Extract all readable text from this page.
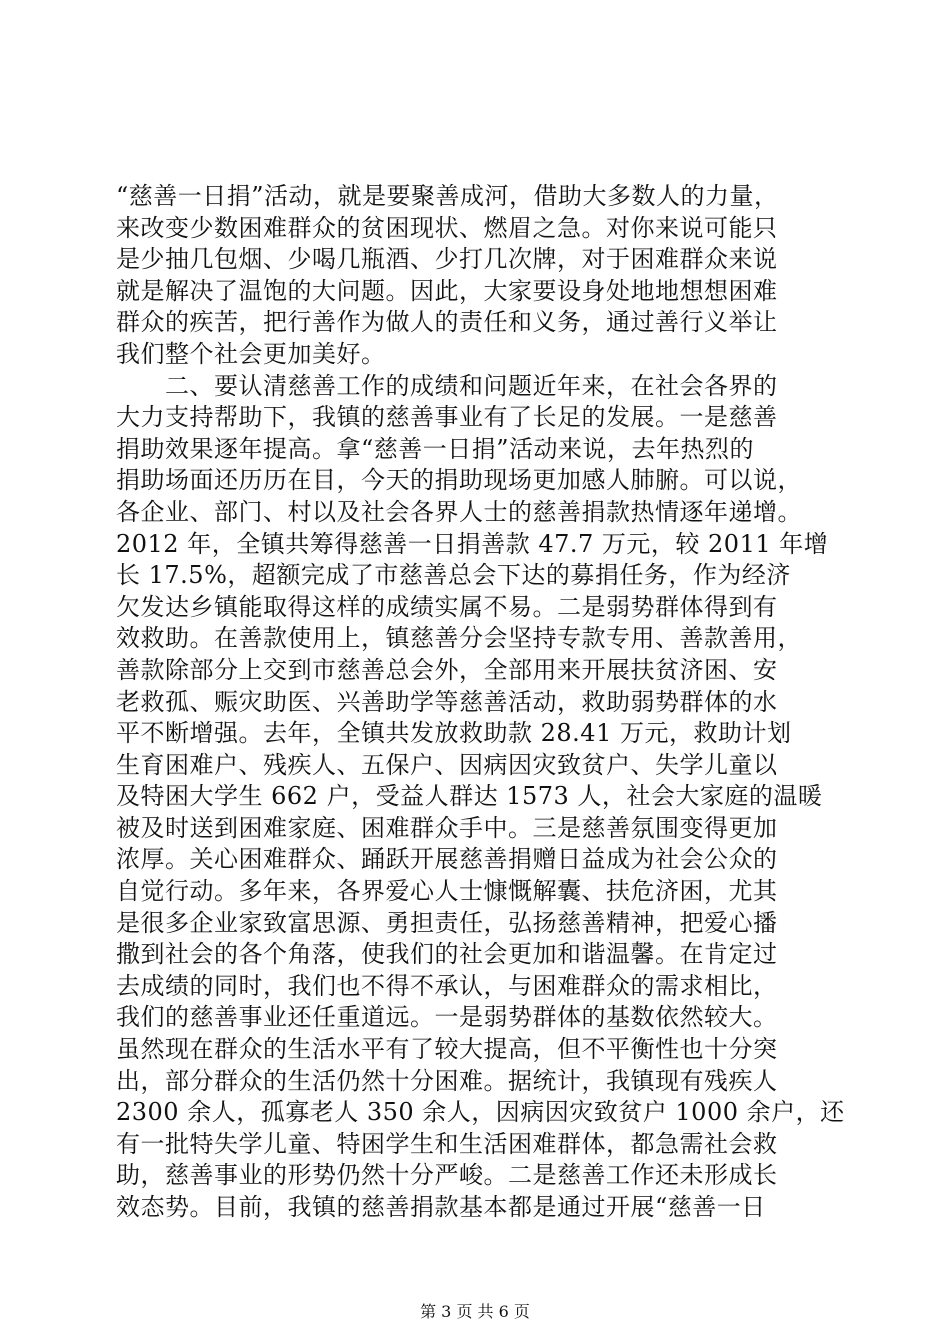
“慈善一日捐”活动，就是要聚善成河，借助大多数人的力量，
来改变少数困难群众的贫困现状、燃眉之急。对你来说可能只
是少抽几包烟、少喝几瓶酒、少打几次牌，对于困难群众来说
就是解决了温饱的大问题。因此，大家要设身处地地想想困难
群众的疾苦，把行善作为做人的责任和义务，通过善行义举让
我们整个社会更加美好。
　　二、要认清慈善工作的成绩和问题近年来，在社会各界的
大力支持帮助下，我镇的慈善事业有了长足的发展。一是慈善
捐助效果逐年提高。拿“慈善一日捐”活动来说，去年热烈的
捐助场面还历历在目，今天的捐助现场更加感人肺腑。可以说，
各企业、部门、村以及社会各界人士的慈善捐款热情逐年递增。
2012 年，全镇共筹得慈善一日捐善款 47.7 万元，较 2011 年增
长 17.5%，超额完成了市慈善总会下达的募捐任务，作为经济
欠发达乡镇能取得这样的成绩实属不易。二是弱势群体得到有
效救助。在善款使用上，镇慈善分会坚持专款专用、善款善用，
善款除部分上交到市慈善总会外，全部用来开展扶贫济困、安
老救孤、赈灾助医、兴善助学等慈善活动，救助弱势群体的水
平不断增强。去年，全镇共发放救助款 28.41 万元，救助计划
生育困难户、残疾人、五保户、因病因灾致贫户、失学儿童以
及特困大学生 662 户，受益人群达 1573 人，社会大家庭的温暖
被及时送到困难家庭、困难群众手中。三是慈善氛围变得更加
浓厚。关心困难群众、踊跃开展慈善捐赠日益成为社会公众的
自觉行动。多年来，各界爱心人士慷慨解囊、扶危济困，尤其
是很多企业家致富思源、勇担责任，弘扬慈善精神，把爱心播
撒到社会的各个角落，使我们的社会更加和谐温馨。在肯定过
去成绩的同时，我们也不得不承认，与困难群众的需求相比，
我们的慈善事业还任重道远。一是弱势群体的基数依然较大。
虽然现在群众的生活水平有了较大提高，但不平衡性也十分突
出，部分群众的生活仍然十分困难。据统计，我镇现有残疾人
2300 余人，孤寡老人 350 余人，因病因灾致贫户 1000 余户，还
有一批特失学儿童、特困学生和生活困难群体，都急需社会救
助，慈善事业的形势仍然十分严峻。二是慈善工作还未形成长
效态势。目前，我镇的慈善捐款基本都是通过开展“慈善一日
第 3 页 共 6 页
